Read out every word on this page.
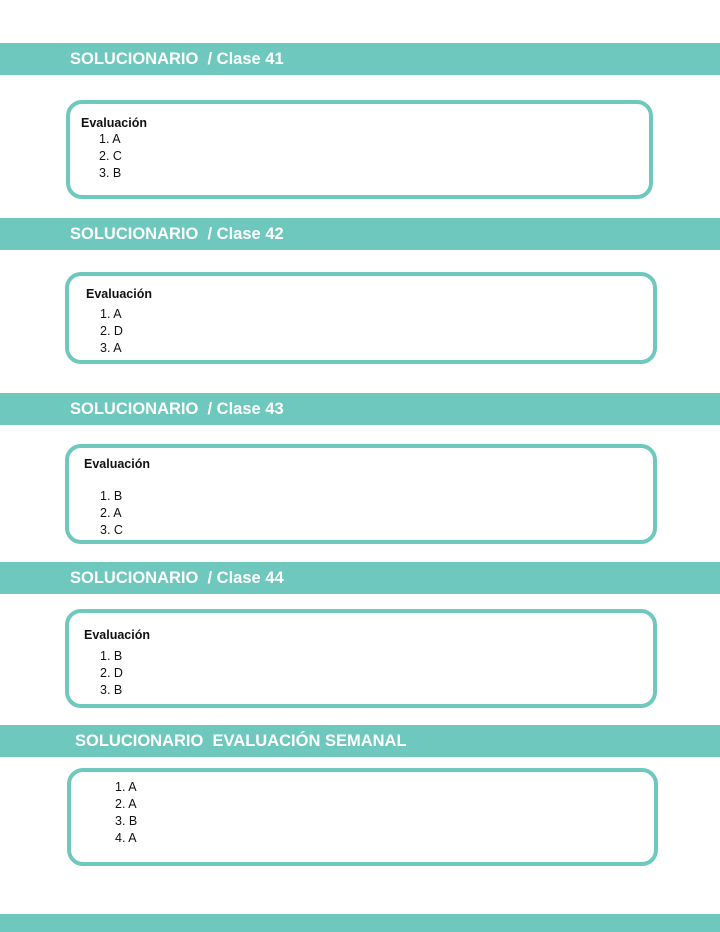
SOLUCIONARIO  / Clase 41
Evaluación
1. A
2. C
3. B
SOLUCIONARIO  / Clase 42
Evaluación
1. A
2. D
3. A
SOLUCIONARIO  / Clase 43
Evaluación
1. B
2. A
3. C
SOLUCIONARIO  / Clase 44
Evaluación
1. B
2. D
3. B
SOLUCIONARIO  EVALUACIÓN SEMANAL
1. A
2. A
3. B
4. A
